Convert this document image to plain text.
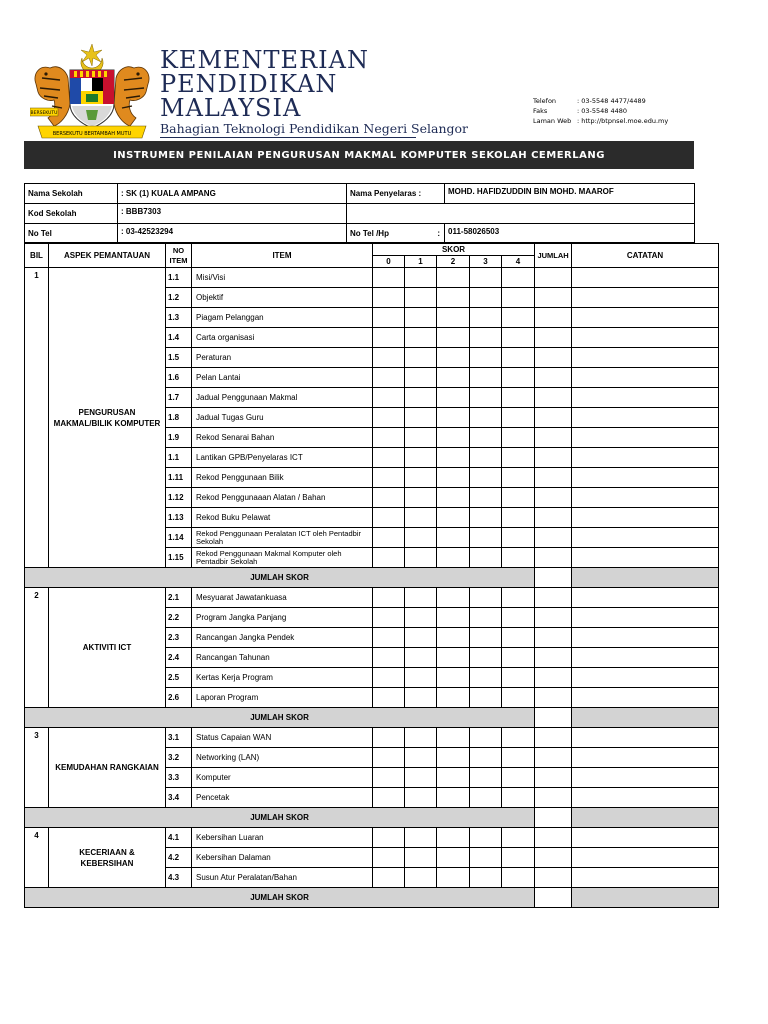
BERSEKUTU BERTAMBAH MUTU
BERSEKUTU
KEMENTERIAN
PENDIDIKAN
MALAYSIA
Bahagian Teknologi Pendidikan Negeri Selangor
Telefon	: 03-5548 4477/4489
Faks	: 03-5548 4480
Laman Web : http://btpnsel.moe.edu.my
INSTRUMEN PENILAIAN PENGURUSAN MAKMAL KOMPUTER SEKOLAH CEMERLANG
Nama Sekolah	: SK (1) KUALA AMPANG	Nama Penyelaras :	MOHD. HAFIDZUDDIN BIN MOHD. MAAROF
Kod Sekolah	: BBB7303		
No Tel	: 03-42523294	No Tel /Hp :	011-58026503
BIL	ASPEK PEMANTAUAN	NO ITEM	ITEM	SKOR					JUMLAH	CATATAN
				0	1	2	3	4		
1	PENGURUSAN MAKMAL/BILIK KOMPUTER	1.1	Misi/Visi							
		1.2	Objektif							
		1.3	Piagam Pelanggan							
		1.4	Carta organisasi							
		1.5	Peraturan							
		1.6	Pelan Lantai							
		1.7	Jadual Penggunaan Makmal							
		1.8	Jadual Tugas Guru							
		1.9	Rekod Senarai Bahan							
		1.1	Lantikan GPB/Penyelaras ICT							
		1.11	Rekod Penggunaan Bilik							
		1.12	Rekod Penggunaaan Alatan / Bahan							
		1.13	Rekod Buku Pelawat							
		1.14	Rekod Penggunaan Peralatan ICT oleh Pentadbir Sekolah							
		1.15	Rekod Penggunaan Makmal Komputer oleh Pentadbir Sekolah							
JUMLAH SKOR										
2	AKTIVITI ICT	2.1	Mesyuarat Jawatankuasa							
		2.2	Program Jangka Panjang							
		2.3	Rancangan Jangka Pendek							
		2.4	Rancangan Tahunan							
		2.5	Kertas Kerja Program							
		2.6	Laporan Program							
JUMLAH SKOR										
3	KEMUDAHAN RANGKAIAN	3.1	Status Capaian WAN							
		3.2	Networking (LAN)							
		3.3	Komputer							
		3.4	Pencetak							
JUMLAH SKOR										
4	KECERIAAN & KEBERSIHAN	4.1	Kebersihan Luaran							
		4.2	Kebersihan Dalaman							
		4.3	Susun Atur Peralatan/Bahan							
JUMLAH SKOR										
